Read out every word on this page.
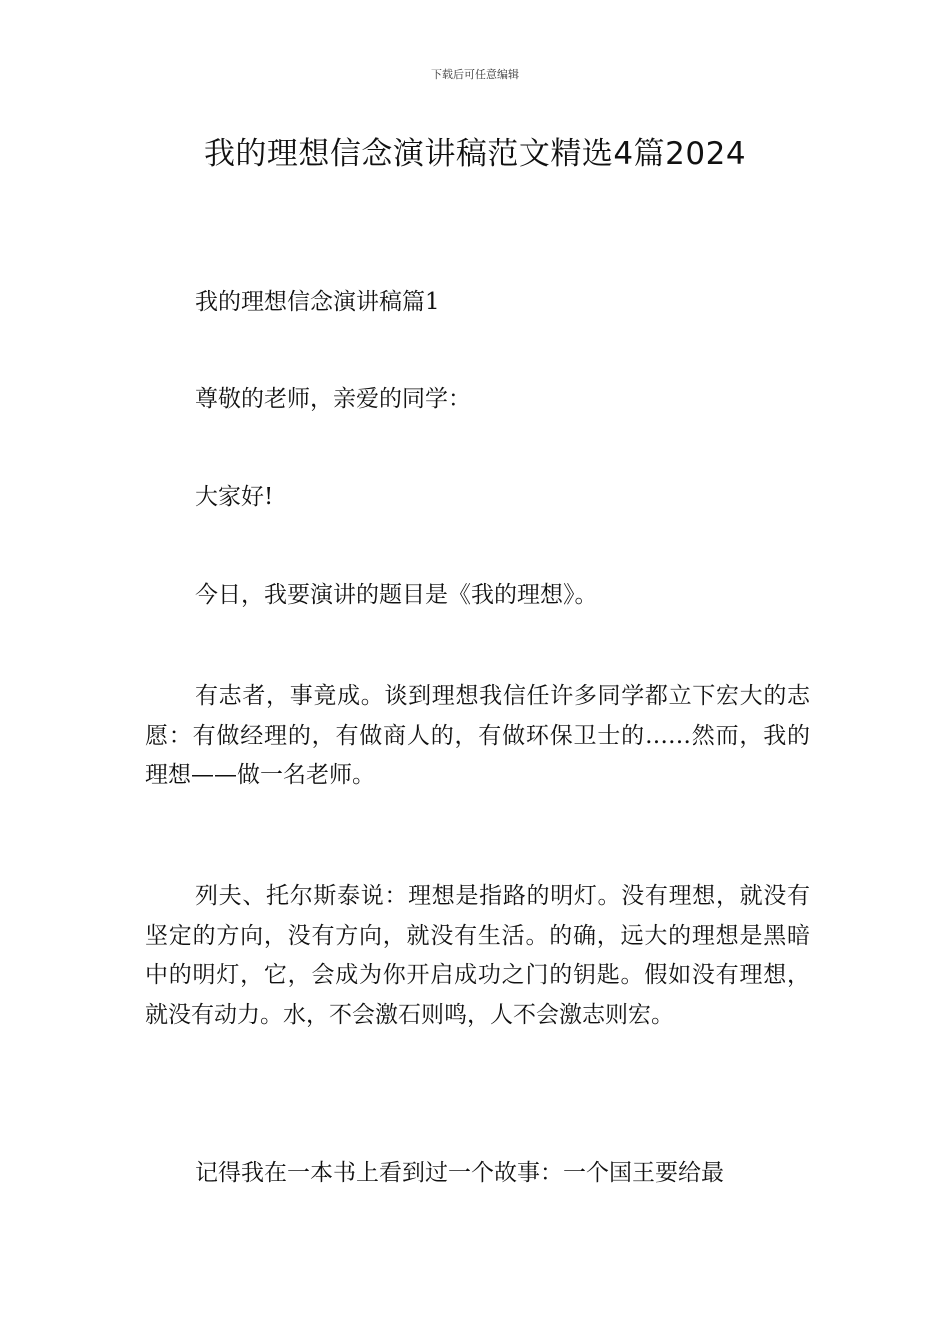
下载后可任意编辑
我的理想信念演讲稿范文精选4篇2024

我的理想信念演讲稿篇1

尊敬的老师，亲爱的同学：

大家好!

今日，我要演讲的题目是《我的理想》。

有志者，事竟成。谈到理想我信任许多同学都立下宏大的志愿：有做经理的，有做商人的，有做环保卫士的……然而，我的理想——做一名老师。

列夫、托尔斯泰说：理想是指路的明灯。没有理想，就没有坚定的方向，没有方向，就没有生活。的确，远大的理想是黑暗中的明灯，它，会成为你开启成功之门的钥匙。假如没有理想，就没有动力。水，不会激石则鸣，人不会激志则宏。

记得我在一本书上看到过一个故事：一个国王要给最
